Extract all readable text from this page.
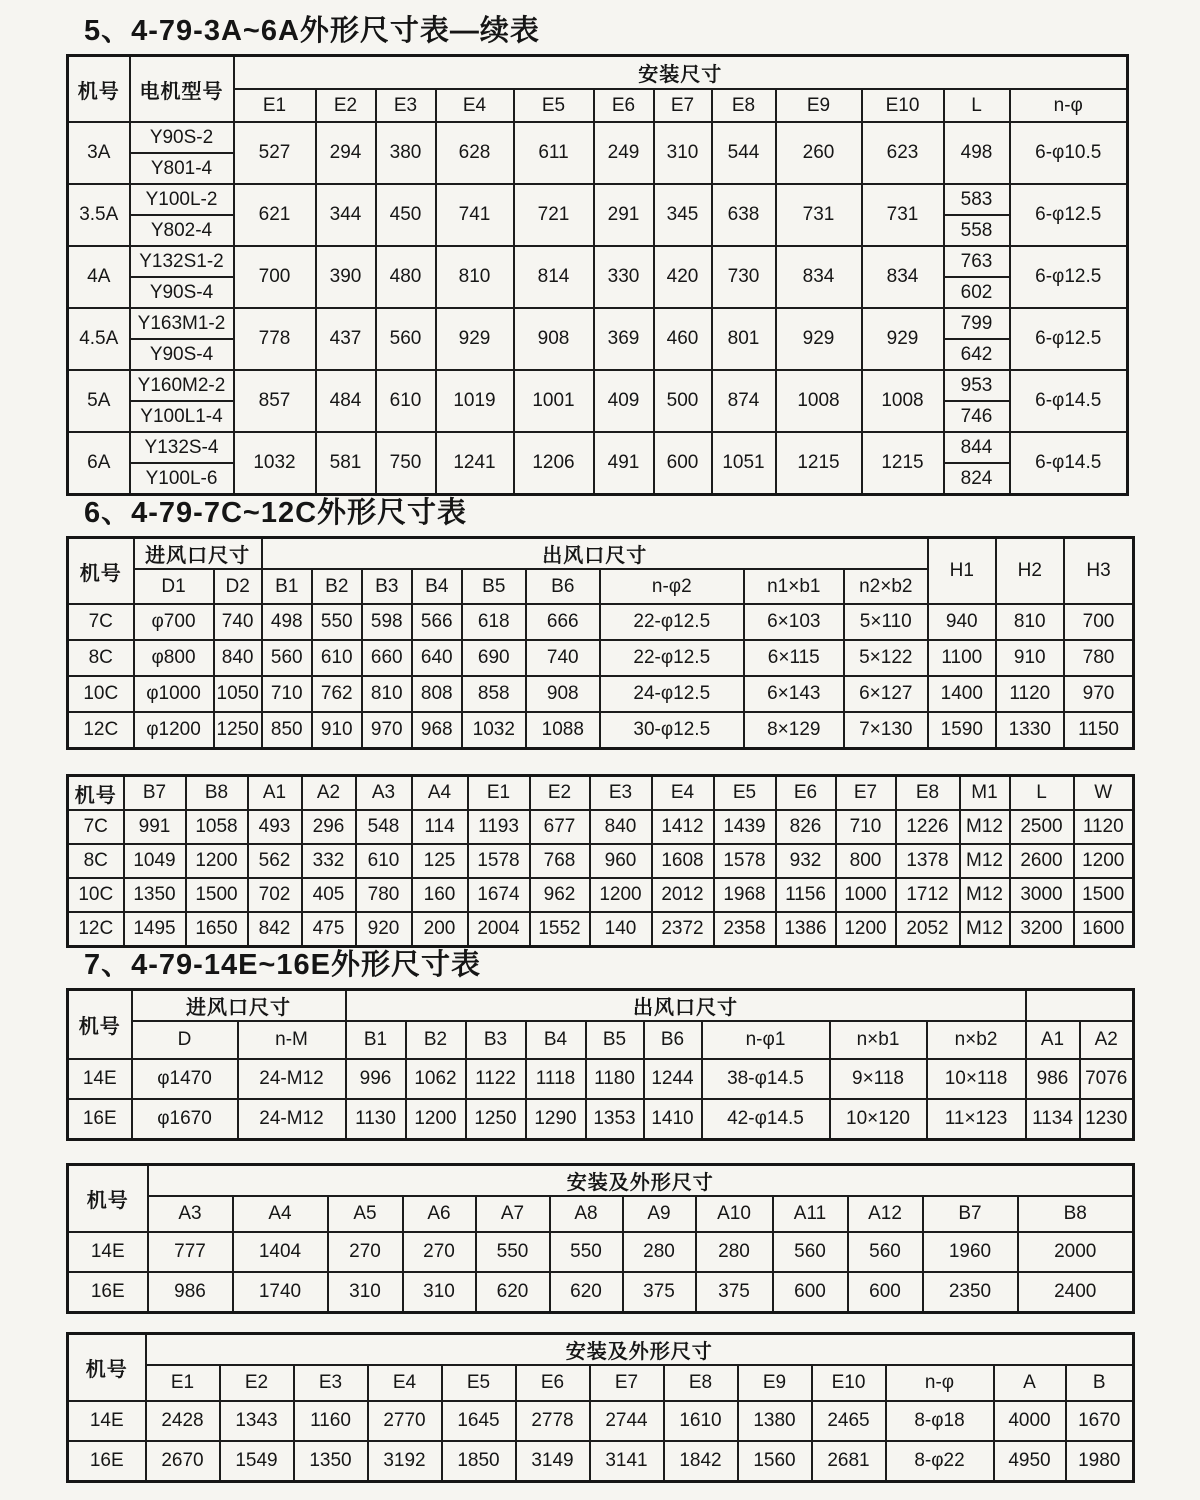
5、4-79-3A~6A外形尺寸表—续表
机号	电机型号	安装尺寸											
		E1	E2	E3	E4	E5	E6	E7	E8	E9	E10	L	n-φ
3A	Y90S-2	527	294	380	628	611	249	310	544	260	623	498	6-φ10.5
	Y801-4												
3.5A	Y100L-2	621	344	450	741	721	291	345	638	731	731	583	6-φ12.5
	Y802-4											558	
4A	Y132S1-2	700	390	480	810	814	330	420	730	834	834	763	6-φ12.5
	Y90S-4											602	
4.5A	Y163M1-2	778	437	560	929	908	369	460	801	929	929	799	6-φ12.5
	Y90S-4											642	
5A	Y160M2-2	857	484	610	1019	1001	409	500	874	1008	1008	953	6-φ14.5
	Y100L1-4											746	
6A	Y132S-4	1032	581	750	1241	1206	491	600	1051	1215	1215	844	6-φ14.5
	Y100L-6											824	
6、4-79-7C~12C外形尺寸表
机号	进风口尺寸		出风口尺寸									H1	H2	H3
	D1	D2	B1	B2	B3	B4	B5	B6	n-φ2	n1×b1	n2×b2			
7C	φ700	740	498	550	598	566	618	666	22-φ12.5	6×103	5×110	940	810	700
8C	φ800	840	560	610	660	640	690	740	22-φ12.5	6×115	5×122	1100	910	780
10C	φ1000	1050	710	762	810	808	858	908	24-φ12.5	6×143	6×127	1400	1120	970
12C	φ1200	1250	850	910	970	968	1032	1088	30-φ12.5	8×129	7×130	1590	1330	1150
机号	B7	B8	A1	A2	A3	A4	E1	E2	E3	E4	E5	E6	E7	E8	M1	L	W
7C	991	1058	493	296	548	114	1193	677	840	1412	1439	826	710	1226	M12	2500	1120
8C	1049	1200	562	332	610	125	1578	768	960	1608	1578	932	800	1378	M12	2600	1200
10C	1350	1500	702	405	780	160	1674	962	1200	2012	1968	1156	1000	1712	M12	3000	1500
12C	1495	1650	842	475	920	200	2004	1552	140	2372	2358	1386	1200	2052	M12	3200	1600
7、4-79-14E~16E外形尺寸表
机号	进风口尺寸		出风口尺寸										
	D	n-M	B1	B2	B3	B4	B5	B6	n-φ1	n×b1	n×b2	A1	A2
14E	φ1470	24-M12	996	1062	1122	1118	1180	1244	38-φ14.5	9×118	10×118	986	7076
16E	φ1670	24-M12	1130	1200	1250	1290	1353	1410	42-φ14.5	10×120	11×123	1134	1230
机号	安装及外形尺寸											
	A3	A4	A5	A6	A7	A8	A9	A10	A11	A12	B7	B8
14E	777	1404	270	270	550	550	280	280	560	560	1960	2000
16E	986	1740	310	310	620	620	375	375	600	600	2350	2400
机号	安装及外形尺寸												
	E1	E2	E3	E4	E5	E6	E7	E8	E9	E10	n-φ	A	B
14E	2428	1343	1160	2770	1645	2778	2744	1610	1380	2465	8-φ18	4000	1670
16E	2670	1549	1350	3192	1850	3149	3141	1842	1560	2681	8-φ22	4950	1980
